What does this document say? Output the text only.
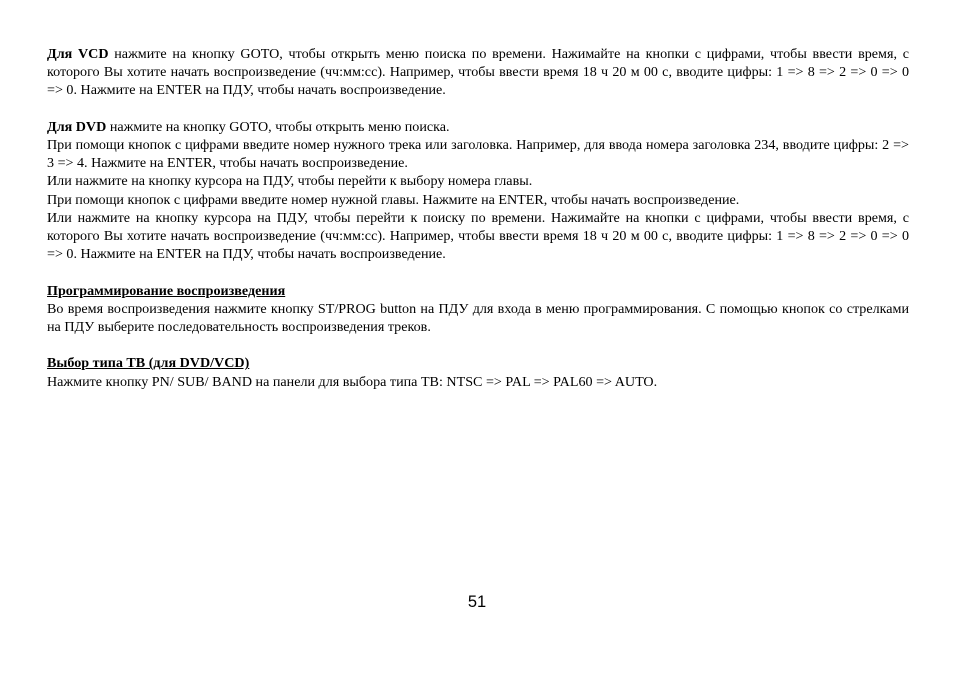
Для VCD нажмите на кнопку GOTO, чтобы открыть меню поиска по времени. Нажимайте на кнопки с цифрами, чтобы ввести время, с которого Вы хотите начать воспроизведение (чч:мм:сс). Например, чтобы ввести время 18 ч 20 м 00 с, вводите цифры: 1 => 8 => 2 => 0 => 0 => 0. Нажмите на ENTER на ПДУ, чтобы начать воспроизведение.

Для DVD нажмите на кнопку GOTO, чтобы открыть меню поиска.

При помощи кнопок с цифрами введите номер нужного трека или заголовка. Например, для ввода номера заголовка 234, вводите цифры: 2 => 3 => 4. Нажмите на ENTER, чтобы начать воспроизведение.

Или нажмите на кнопку курсора на ПДУ, чтобы перейти к выбору номера главы.

При помощи кнопок с цифрами введите номер нужной главы. Нажмите на ENTER, чтобы начать воспроизведение.

Или нажмите на кнопку курсора на ПДУ, чтобы перейти к поиску по времени. Нажимайте на кнопки с цифрами, чтобы ввести время, с которого Вы хотите начать воспроизведение (чч:мм:сс). Например, чтобы ввести время 18 ч 20 м 00 с, вводите цифры: 1 => 8 => 2 => 0 => 0 => 0. Нажмите на ENTER на ПДУ, чтобы начать воспроизведение.

Программирование воспроизведения

Во время воспроизведения нажмите кнопку ST/PROG button на ПДУ для входа в меню программирования. С помощью кнопок со стрелками на ПДУ выберите последовательность воспроизведения треков.

Выбор типа ТВ (для DVD/VCD)

Нажмите кнопку PN/ SUB/ BAND на панели для выбора типа ТВ: NTSC => PAL => PAL60 => AUTO.

51
